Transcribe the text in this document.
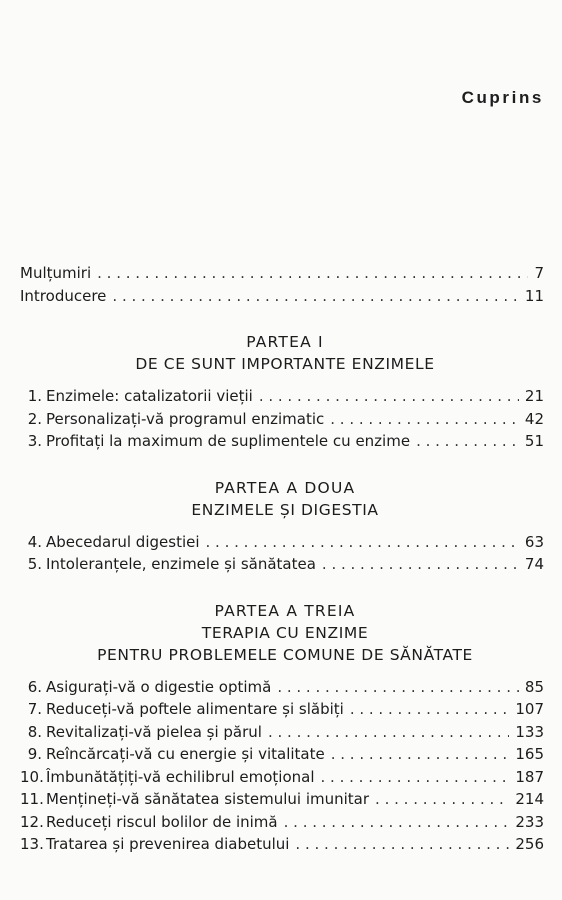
Cuprins
Mulțumiri . . .	7
Introducere . . .	11
PARTEA I
DE CE SUNT IMPORTANTE ENZIMELE
1. Enzimele: catalizatorii vieții . . .	21
2. Personalizați-vă programul enzimatic . . .	42
3. Profitați la maximum de suplimentele cu enzime . . .	51
PARTEA A DOUA
ENZIMELE ȘI DIGESTIA
4. Abecedarul digestiei . . .	63
5. Intoleranțele, enzimele și sănătatea . . .	74
PARTEA A TREIA
TERAPIA CU ENZIME
PENTRU PROBLEMELE COMUNE DE SĂNĂTATE
6. Asigurați-vă o digestie optimă . . .	85
7. Reduceți-vă poftele alimentare și slăbiți . . .	107
8. Revitalizați-vă pielea și părul . . .	133
9. Reîncărcați-vă cu energie și vitalitate . . .	165
10. Îmbunătățiți-vă echilibrul emoțional . . .	187
11. Mențineți-vă sănătatea sistemului imunitar . . .	214
12. Reduceți riscul bolilor de inimă . . .	233
13. Tratarea și prevenirea diabetului . . .	256
